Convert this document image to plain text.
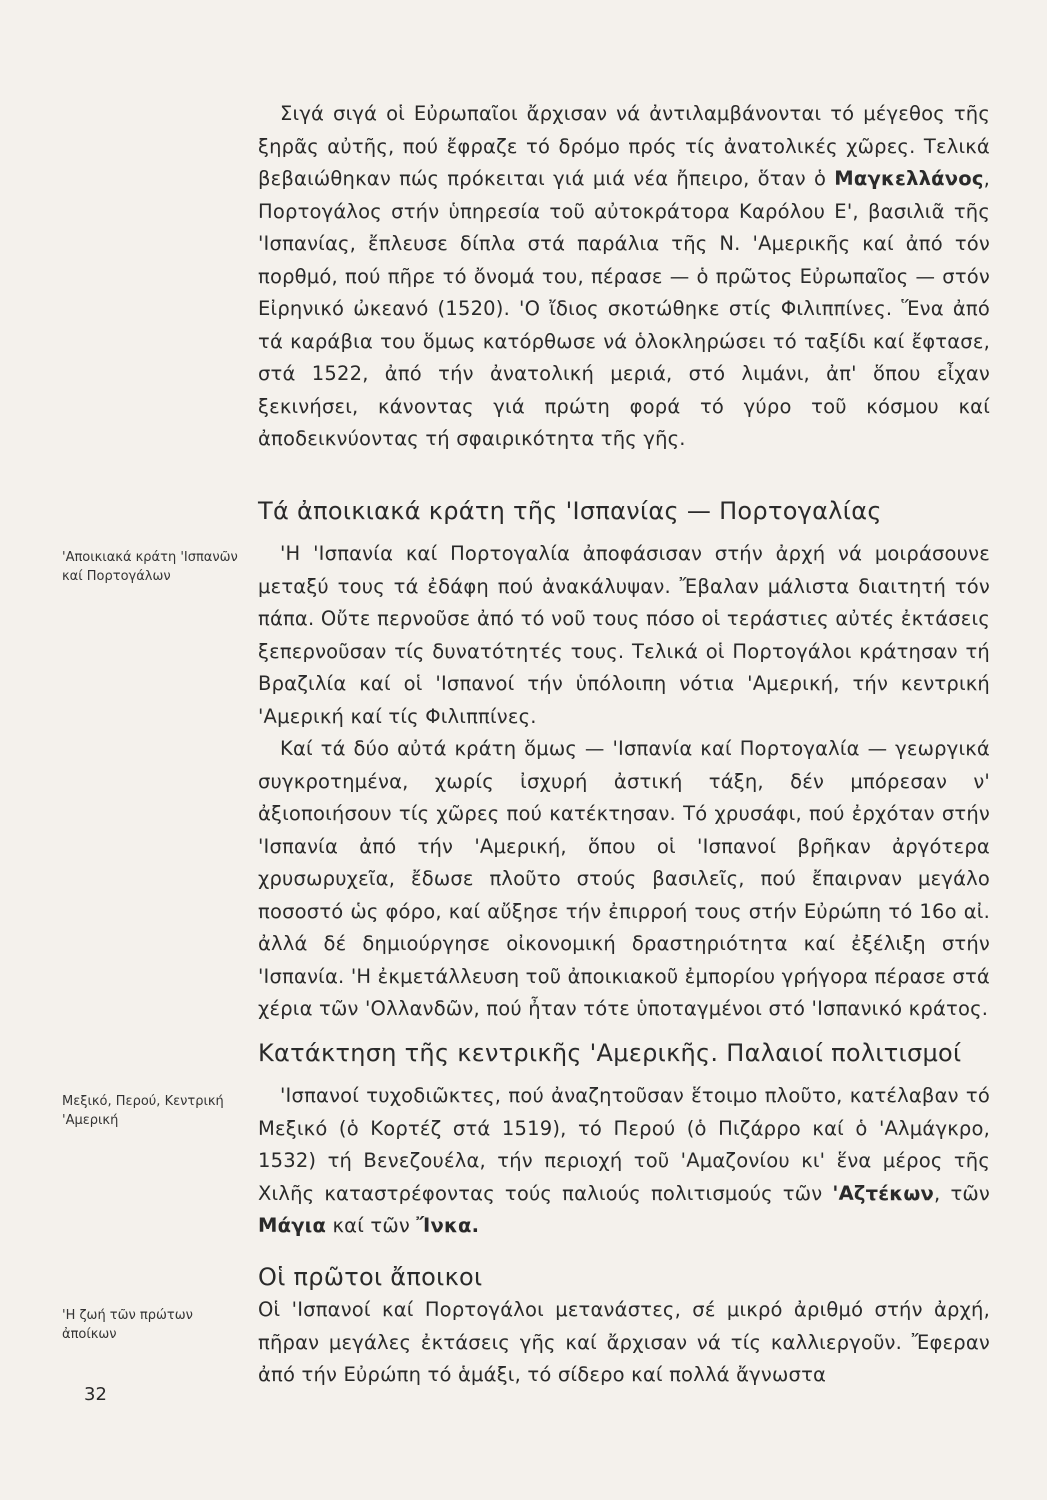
Σιγά σιγά οἱ Εὐρωπαῖοι ἄρχισαν νά ἀντιλαμβάνονται τό μέγεθος τῆς ξηρᾶς αὐτῆς, πού ἔφραζε τό δρόμο πρός τίς ἀνατολικές χῶρες. Τελικά βεβαιώθηκαν πώς πρόκειται γιά μιά νέα ἤπειρο, ὅταν ὁ Μαγκελλάνος, Πορτογάλος στήν ὑπηρεσία τοῦ αὐτοκράτορα Καρόλου Ε', βασιλιᾶ τῆς 'Ισπανίας, ἔπλευσε δίπλα στά παράλια τῆς Ν. 'Αμερικῆς καί ἀπό τόν πορθμό, πού πῆρε τό ὄνομά του, πέρασε — ὁ πρῶτος Εὐρωπαῖος — στόν Εἰρηνικό ὠκεανό (1520). 'Ο ἴδιος σκοτώθηκε στίς Φιλιππίνες. Ἕνα ἀπό τά καράβια του ὅμως κατόρθωσε νά ὁλοκληρώσει τό ταξίδι καί ἔφτασε, στά 1522, ἀπό τήν ἀνατολική μεριά, στό λιμάνι, ἀπ' ὅπου εἶχαν ξεκινήσει, κάνοντας γιά πρώτη φορά τό γύρο τοῦ κόσμου καί ἀποδεικνύοντας τή σφαιρικότητα τῆς γῆς.

Τά ἀποικιακά κράτη τῆς 'Ισπανίας — Πορτογαλίας
'Αποικιακά κράτη 'Ισπανῶν καί Πορτογάλων

'Η 'Ισπανία καί Πορτογαλία ἀποφάσισαν στήν ἀρχή νά μοιράσουνε μεταξύ τους τά ἐδάφη πού ἀνακάλυψαν. Ἔβαλαν μάλιστα διαιτητή τόν πάπα. Οὔτε περνοῦσε ἀπό τό νοῦ τους πόσο οἱ τεράστιες αὐτές ἐκτάσεις ξεπερνοῦσαν τίς δυνατότητές τους. Τελικά οἱ Πορτογάλοι κράτησαν τή Βραζιλία καί οἱ 'Ισπανοί τήν ὑπόλοιπη νότια 'Αμερική, τήν κεντρική 'Αμερική καί τίς Φιλιππίνες.

Καί τά δύο αὐτά κράτη ὅμως — 'Ισπανία καί Πορτογαλία — γεωργικά συγκροτημένα, χωρίς ἰσχυρή ἀστική τάξη, δέν μπόρεσαν ν' ἀξιοποιήσουν τίς χῶρες πού κατέκτησαν. Τό χρυσάφι, πού ἐρχόταν στήν 'Ισπανία ἀπό τήν 'Αμερική, ὅπου οἱ 'Ισπανοί βρῆκαν ἀργότερα χρυσωρυχεῖα, ἔδωσε πλοῦτο στούς βασιλεῖς, πού ἔπαιρναν μεγάλο ποσοστό ὡς φόρο, καί αὔξησε τήν ἐπιρροή τους στήν Εὐρώπη τό 16ο αἰ. ἀλλά δέ δημιούργησε οἰκονομική δραστηριότητα καί ἐξέλιξη στήν 'Ισπανία. 'Η ἐκμετάλλευση τοῦ ἀποικιακοῦ ἐμπορίου γρήγορα πέρασε στά χέρια τῶν 'Ολλανδῶν, πού ἦταν τότε ὑποταγμένοι στό 'Ισπανικό κράτος.

Κατάκτηση τῆς κεντρικῆς 'Αμερικῆς. Παλαιοί πολιτισμοί
Μεξικό, Περού, Κεντρική 'Αμερική

'Ισπανοί τυχοδιῶκτες, πού ἀναζητοῦσαν ἕτοιμο πλοῦτο, κατέλαβαν τό Μεξικό (ὁ Κορτέζ στά 1519), τό Περού (ὁ Πιζάρρο καί ὁ 'Αλμάγκρο, 1532) τή Βενεζουέλα, τήν περιοχή τοῦ 'Αμαζονίου κι' ἕνα μέρος τῆς Χιλῆς καταστρέφοντας τούς παλιούς πολιτισμούς τῶν 'Αζτέκων, τῶν Μάγια καί τῶν Ἴνκα.

Οἱ πρῶτοι ἄποικοι
'Η ζωή τῶν πρώτων ἀποίκων

Οἱ 'Ισπανοί καί Πορτογάλοι μετανάστες, σέ μικρό ἀριθμό στήν ἀρχή, πῆραν μεγάλες ἐκτάσεις γῆς καί ἄρχισαν νά τίς καλλιεργοῦν. Ἔφεραν ἀπό τήν Εὐρώπη τό ἁμάξι, τό σίδερο καί πολλά ἄγνωστα

32
